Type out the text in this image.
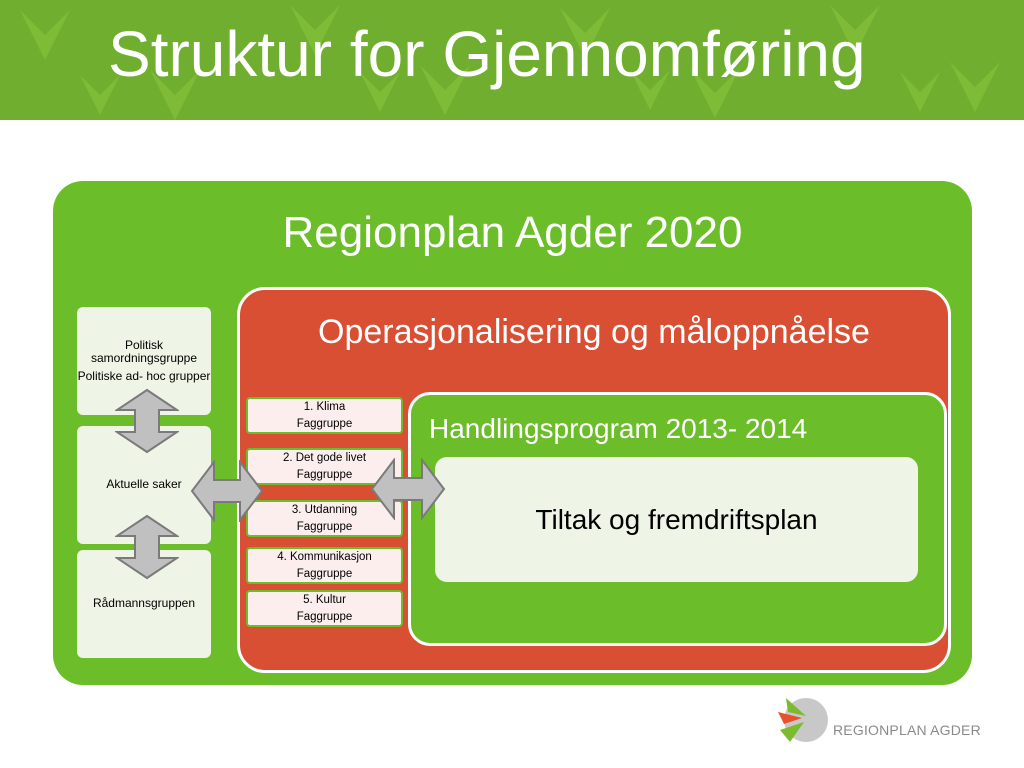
Struktur for Gjennomføring
Regionplan Agder 2020
Operasjonalisering og måloppnåelse
Handlingsprogram 2013- 2014
Tiltak og fremdriftsplan
Politisk samordningsgruppe
Politiske ad- hoc grupper
Aktuelle saker
Rådmannsgruppen
1. Klima
Faggruppe
2. Det gode livet
Faggruppe
3. Utdanning
Faggruppe
4. Kommunikasjon
Faggruppe
5. Kultur
Faggruppe
REGIONPLAN AGDER
